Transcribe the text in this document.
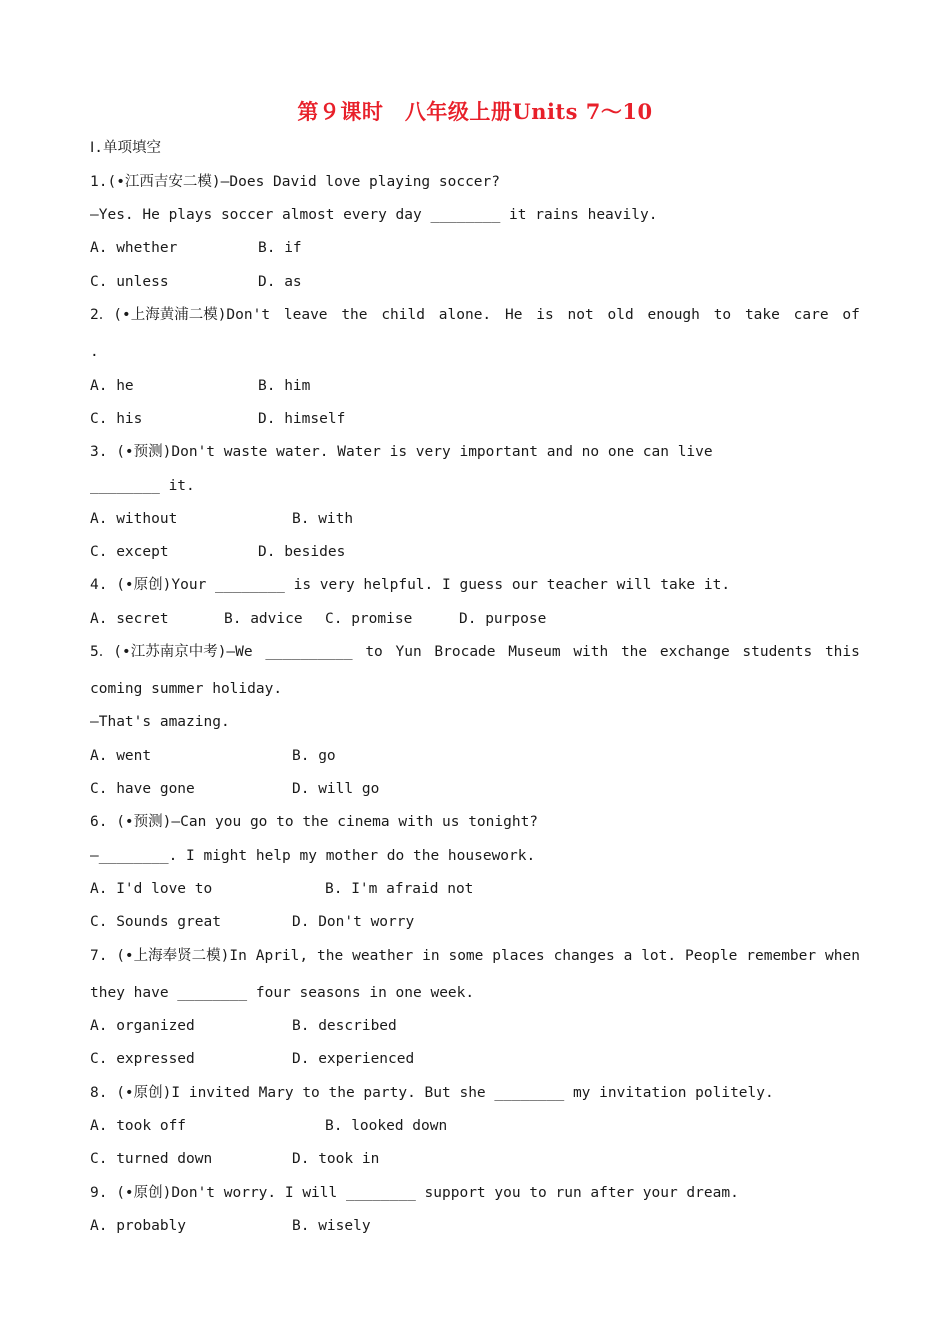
第９课时　八年级上册Units 7～10
Ⅰ.单项填空
1.(•江西吉安二模)—Does David love playing soccer?
—Yes. He plays soccer almost every day ________ it rains heavily.
A. whether	B. if
C. unless	D. as
2．(•上海黄浦二模)Don't leave the child alone. He is not old enough to take care of
.
A. he	B. him
C. his	D. himself
3. (•预测)Don't waste water. Water is very important and no one can live
________ it.
A. without	B. with
C. except	D. besides
4. (•原创)Your ________ is very helpful. I guess our teacher will take it.
A. secret	B. advice C. promise	D. purpose
5．(•江苏南京中考)—We __________ to Yun Brocade Museum with the exchange students this
coming summer holiday.
—That's amazing.
A. went	B. go
C. have gone	D. will go
6. (•预测)—Can you go to the cinema with us tonight?
—________. I might help my mother do the housework.
A. I'd love to	B. I'm afraid not
C. Sounds great	D. Don't worry
7. (•上海奉贤二模)In April, the weather in some places changes a lot. People remember when
they have ________ four seasons in one week.
A. organized	B. described
C. expressed	D. experienced
8. (•原创)I invited Mary to the party. But she ________ my invitation politely.
A. took off	B. looked down
C. turned down	D. took in
9. (•原创)Don't worry. I will ________ support you to run after your dream.
A. probably	B. wisely
